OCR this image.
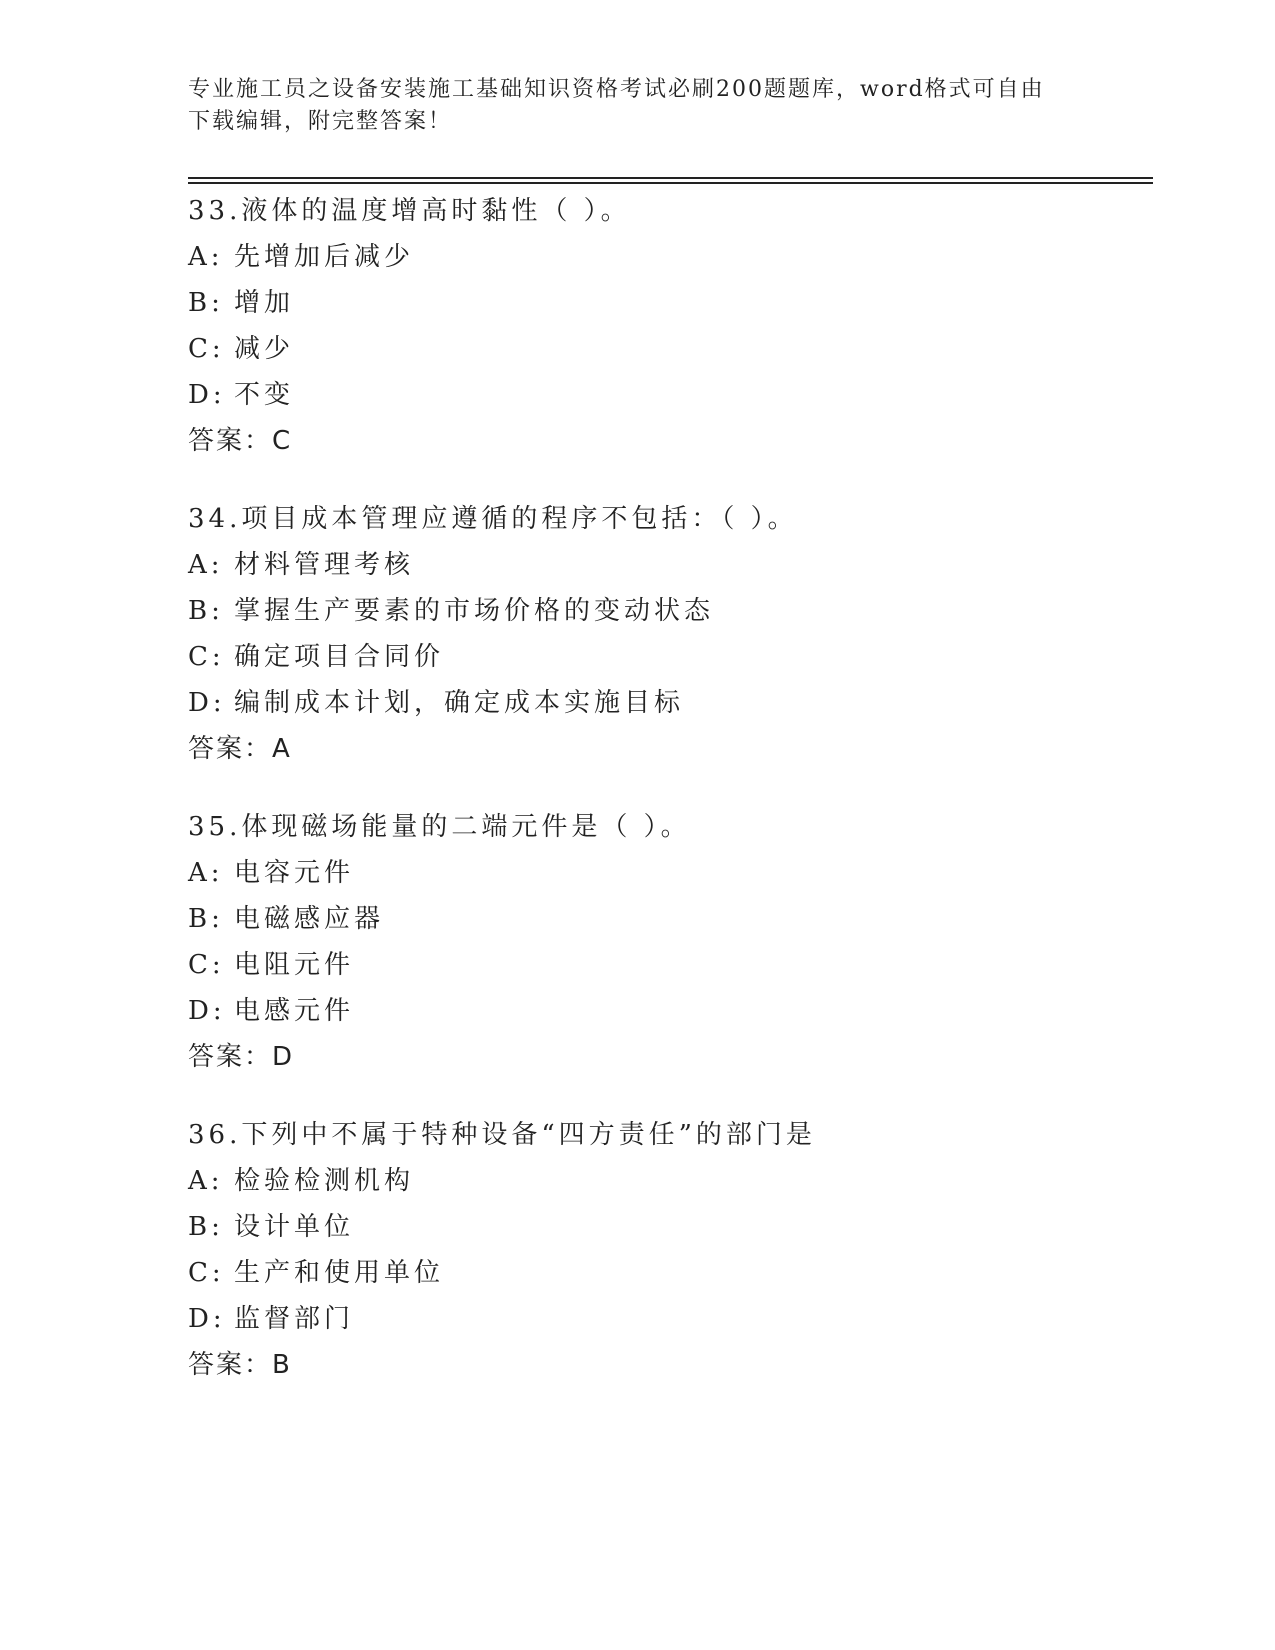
专业施工员之设备安装施工基础知识资格考试必刷200题题库，word格式可自由
下载编辑，附完整答案！
33.液体的温度增高时黏性（ ）。
A: 先增加后减少
B: 增加
C: 减少
D: 不变
答案：C
34.项目成本管理应遵循的程序不包括：（ ）。
A: 材料管理考核
B: 掌握生产要素的市场价格的变动状态
C: 确定项目合同价
D: 编制成本计划，确定成本实施目标
答案：A
35.体现磁场能量的二端元件是（ ）。
A: 电容元件
B: 电磁感应器
C: 电阻元件
D: 电感元件
答案：D
36.下列中不属于特种设备“四方责任”的部门是
A: 检验检测机构
B: 设计单位
C: 生产和使用单位
D: 监督部门
答案：B
